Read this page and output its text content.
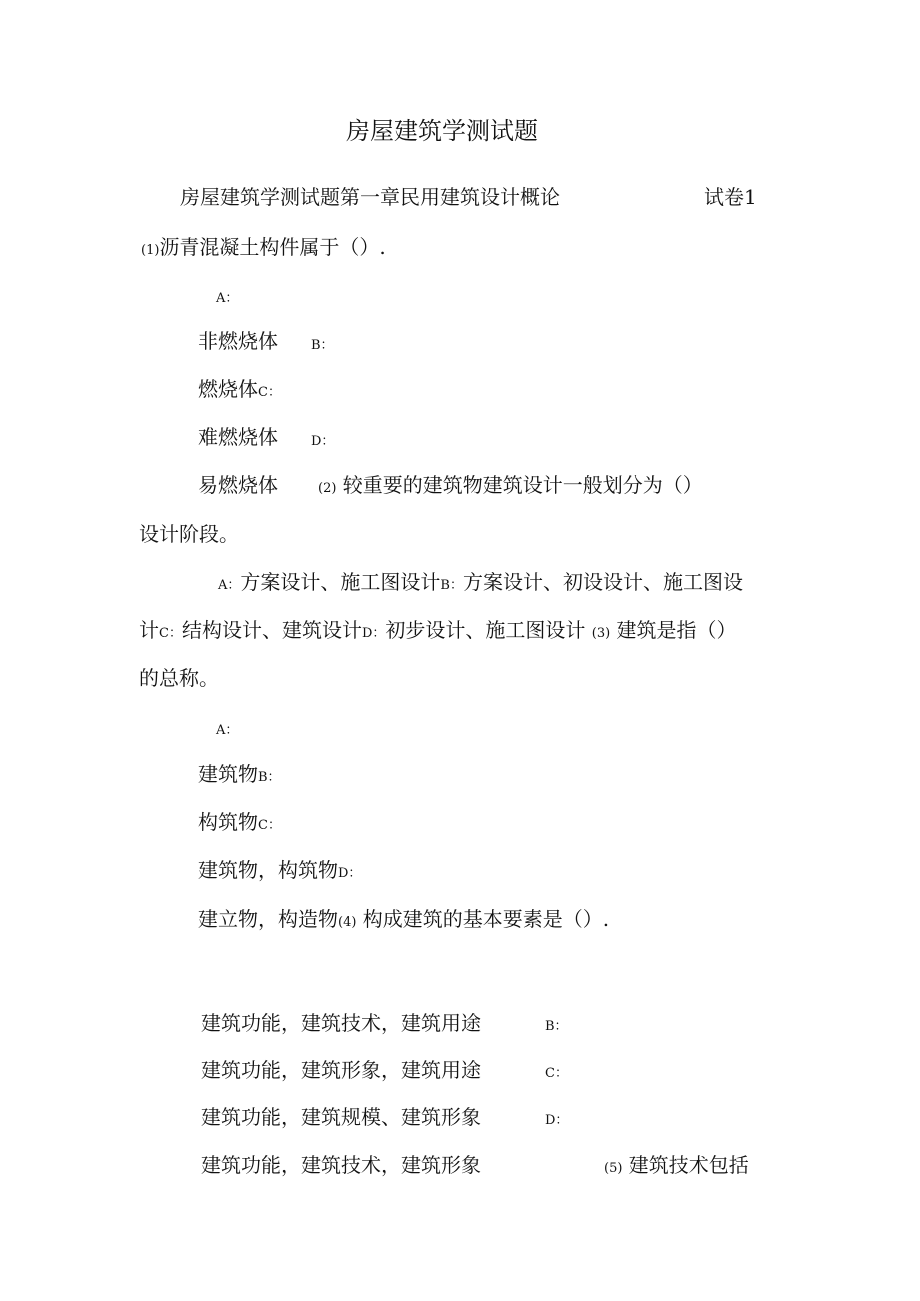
房屋建筑学测试题
房屋建筑学测试题第一章民用建筑设计概论	试卷1
(1)沥青混凝土构件属于（）.
A：
非燃烧体	B：
燃烧体C：
难燃烧体	D：
易燃烧体	(2) 较重要的建筑物建筑设计一般划分为（）
设计阶段。
A：方案设计、施工图设计B：方案设计、初设设计、施工图设
计C：结构设计、建筑设计D：初步设计、施工图设计 (3) 建筑是指（）
的总称。
A：
建筑物B：
构筑物C：
建筑物，构筑物D：
建立物，构造物(4) 构成建筑的基本要素是（）.
建筑功能，建筑技术，建筑用途	B：
建筑功能，建筑形象，建筑用途	C：
建筑功能，建筑规模、建筑形象	D：
建筑功能，建筑技术，建筑形象	(5) 建筑技术包括
